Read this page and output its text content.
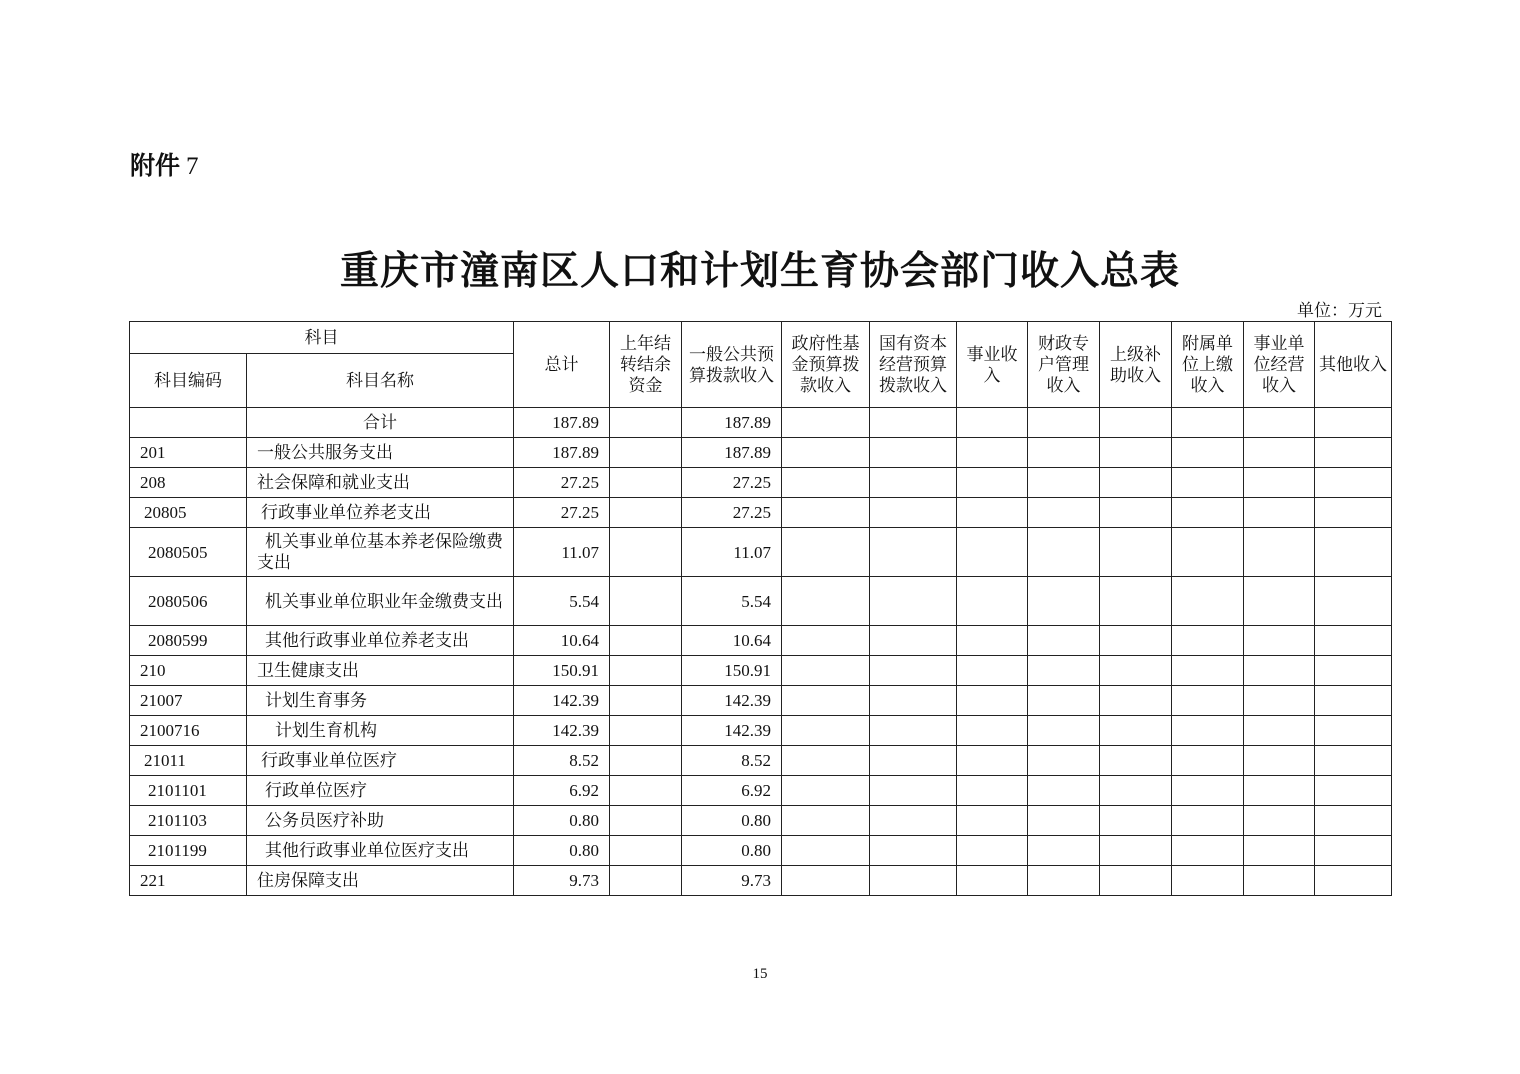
附件 7
重庆市潼南区人口和计划生育协会部门收入总表
单位：万元
科目		总计	上年结转结余资金	一般公共预算拨款收入	政府性基金预算拨款收入	国有资本经营预算拨款收入	事业收入	财政专户管理收入	上级补助收入	附属单位上缴收入	事业单位经营收入	其他收入
科目编码	科目名称											
	合计	187.89		187.89								
201	一般公共服务支出	187.89		187.89								
208	社会保障和就业支出	27.25		27.25								
20805	行政事业单位养老支出	27.25		27.25								
2080505	机关事业单位基本养老保险缴费支出	11.07		11.07								
2080506	机关事业单位职业年金缴费支出	5.54		5.54								
2080599	其他行政事业单位养老支出	10.64		10.64								
210	卫生健康支出	150.91		150.91								
21007	计划生育事务	142.39		142.39								
2100716	计划生育机构	142.39		142.39								
21011	行政事业单位医疗	8.52		8.52								
2101101	行政单位医疗	6.92		6.92								
2101103	公务员医疗补助	0.80		0.80								
2101199	其他行政事业单位医疗支出	0.80		0.80								
221	住房保障支出	9.73		9.73								
15
